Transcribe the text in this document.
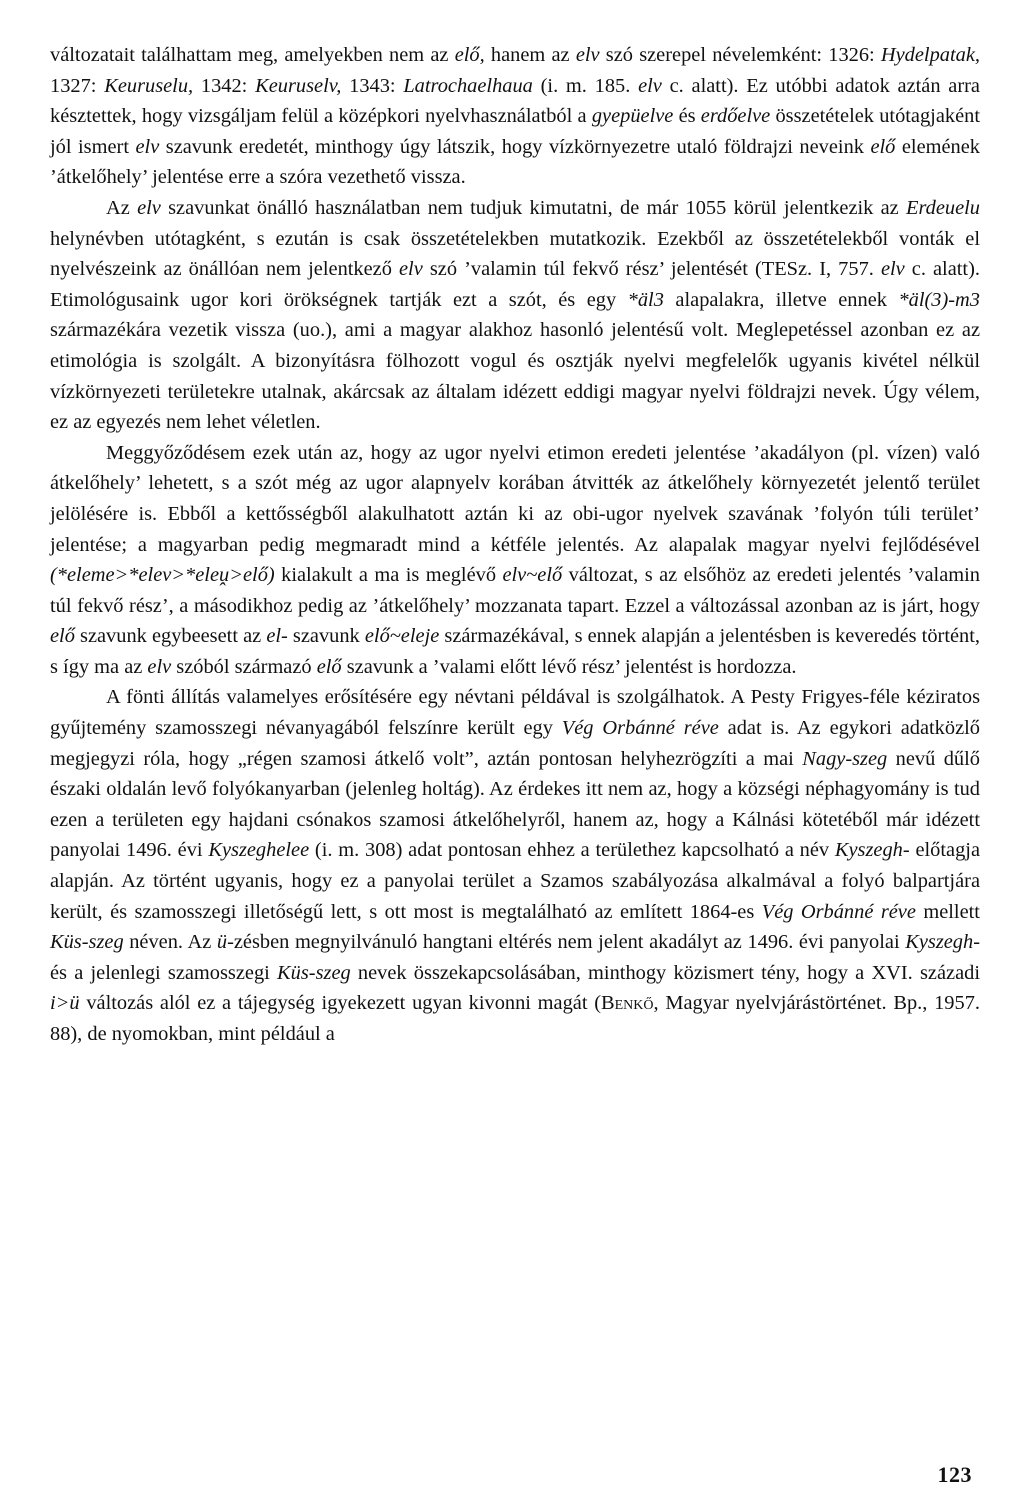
változatait találhattam meg, amelyekben nem az elő, hanem az elv szó szerepel névelemként: 1326: Hydelpatak, 1327: Keuruselu, 1342: Keuruselv, 1343: Latrochaelhaua (i. m. 185. elv c. alatt). Ez utóbbi adatok aztán arra késztettek, hogy vizsgáljam felül a középkori nyelvhasználatból a gyepüelve és erdőelve összetételek utótagjaként jól ismert elv szavunk eredetét, minthogy úgy látszik, hogy vízkörnyezetre utaló földrajzi neveink elő elemének ’átkelőhely’ jelentése erre a szóra vezethető vissza.

Az elv szavunkat önálló használatban nem tudjuk kimutatni, de már 1055 körül jelentkezik az Erdeuelu helynévben utótagként, s ezután is csak összetételekben mutatkozik. Ezekből az összetételekből vonták el nyelvészeink az önállóan nem jelentkező elv szó ’valamin túl fekvő rész’ jelentését (TESz. I, 757. elv c. alatt). Etimológusaink ugor kori örökségnek tartják ezt a szót, és egy *äl3 alapalakra, illetve ennek *äl(3)-m3 származékára vezetik vissza (uo.), ami a magyar alakhoz hasonló jelentésű volt. Meglepetéssel azonban ez az etimológia is szolgált. A bizonyításra fölhozott vogul és osztják nyelvi megfelelők ugyanis kivétel nélkül vízkörnyezeti területekre utalnak, akárcsak az általam idézett eddigi magyar nyelvi földrajzi nevek. Úgy vélem, ez az egyezés nem lehet véletlen.

Meggyőződésem ezek után az, hogy az ugor nyelvi etimon eredeti jelentése ’akadályon (pl. vízen) való átkelőhely’ lehetett, s a szót még az ugor alapnyelv korában átvitték az átkelőhely környezetét jelentő terület jelölésére is. Ebből a kettősségből alakulhatott aztán ki az obi-ugor nyelvek szavának ’folyón túli terület’ jelentése; a magyarban pedig megmaradt mind a kétféle jelentés. Az alapalak magyar nyelvi fejlődésével (*eleme>*elev>*eleṷ>elő) kialakult a ma is meglévő elv~elő változat, s az elsőhöz az eredeti jelentés ’valamin túl fekvő rész’, a másodikhoz pedig az ’átkelőhely’ mozzanata tapart. Ezzel a változással azonban az is járt, hogy elő szavunk egybeesett az el- szavunk elő~eleje származékával, s ennek alapján a jelentésben is keveredés történt, s így ma az elv szóból származó elő szavunk a ’valami előtt lévő rész’ jelentést is hordozza.

A fönti állítás valamelyes erősítésére egy névtani példával is szolgálhatok. A Pesty Frigyes-féle kéziratos gyűjtemény szamosszegi névanyagából felszínre került egy Vég Orbánné réve adat is. Az egykori adatközlő megjegyzi róla, hogy „régen szamosi átkelő volt”, aztán pontosan helyhezrögzíti a mai Nagy-szeg nevű dűlő északi oldalán levő folyókanyarban (jelenleg holtág). Az érdekes itt nem az, hogy a községi néphagyomány is tud ezen a területen egy hajdani csónakos szamosi átkelőhelyről, hanem az, hogy a Kálnási kötetéből már idézett panyolai 1496. évi Kyszeghelee (i. m. 308) adat pontosan ehhez a területhez kapcsolható a név Kyszegh- előtagja alapján. Az történt ugyanis, hogy ez a panyolai terület a Szamos szabályozása alkalmával a folyó balpartjára került, és szamosszegi illetőségű lett, s ott most is megtalálható az említett 1864-es Vég Orbánné réve mellett Küs-szeg néven. Az ü-zésben megnyilvánuló hangtani eltérés nem jelent akadályt az 1496. évi panyolai Kyszegh- és a jelenlegi szamosszegi Küs-szeg nevek összekapcsolásában, minthogy közismert tény, hogy a XVI. századi i>ü változás alól ez a tájegység igyekezett ugyan kivonni magát (Benkő, Magyar nyelvjárástörténet. Bp., 1957. 88), de nyomokban, mint például a

123
